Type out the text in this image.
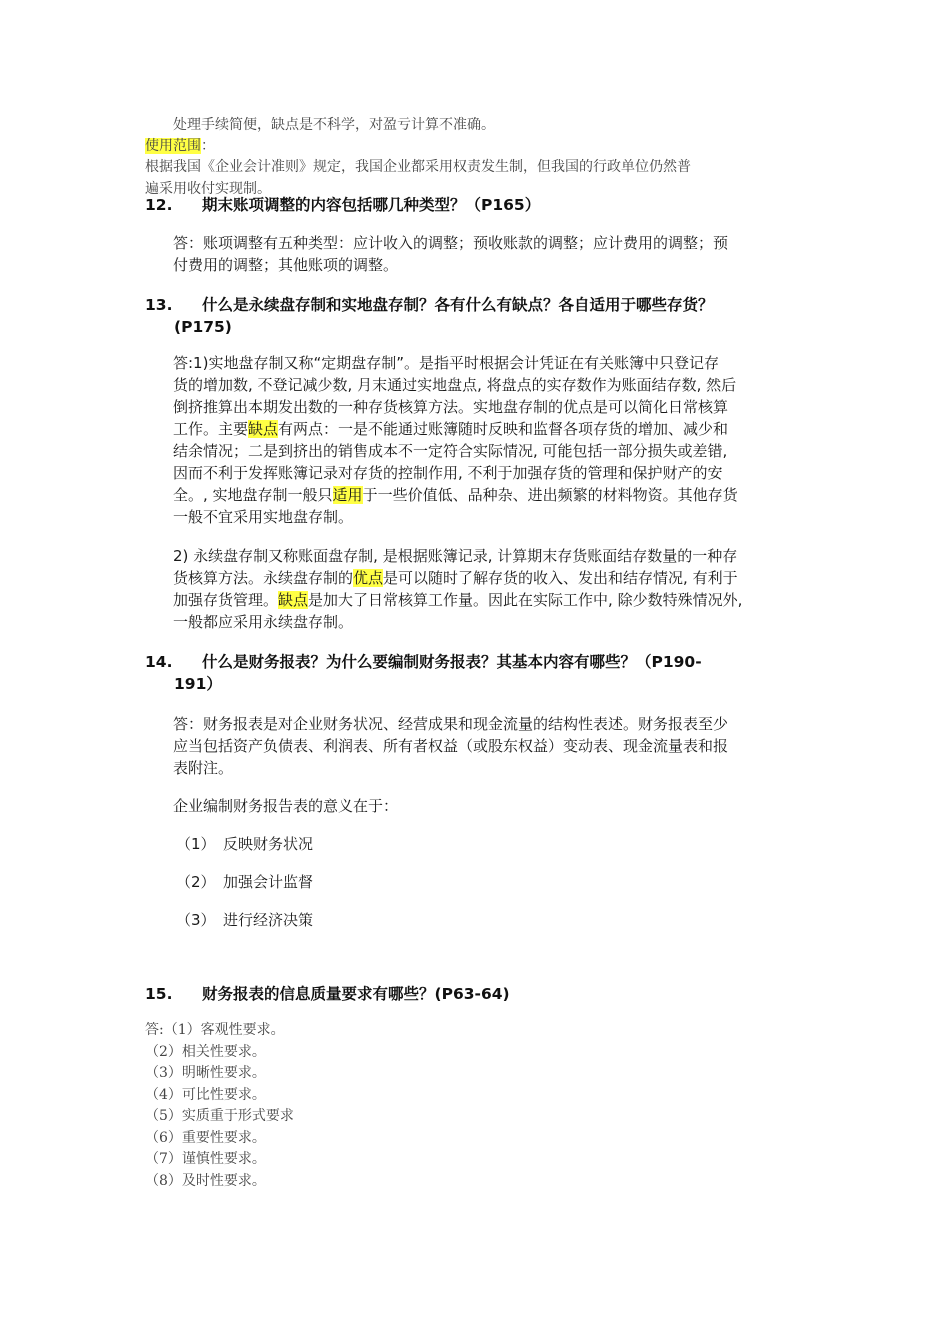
处理手续简便，缺点是不科学，对盈亏计算不准确。
使用范围：
根据我国《企业会计准则》规定，我国企业都采用权责发生制，但我国的行政单位仍然普
遍采用收付实现制。
12. 期末账项调整的内容包括哪几种类型？（P165）

答：账项调整有五种类型：应计收入的调整；预收账款的调整；应计费用的调整；预

付费用的调整；其他账项的调整。

13. 什么是永续盘存制和实地盘存制？各有什么有缺点？各自适用于哪些存货？
(P175)

答:1)实地盘存制又称“定期盘存制”。是指平时根据会计凭证在有关账簿中只登记存

货的增加数, 不登记减少数, 月末通过实地盘点, 将盘点的实存数作为账面结存数, 然后

倒挤推算出本期发出数的一种存货核算方法。实地盘存制的优点是可以简化日常核算

工作。主要缺点有两点：一是不能通过账簿随时反映和监督各项存货的增加、减少和

结余情况；二是到挤出的销售成本不一定符合实际情况, 可能包括一部分损失或差错,

因而不利于发挥账簿记录对存货的控制作用, 不利于加强存货的管理和保护财产的安

全。, 实地盘存制一般只适用于一些价值低、品种杂、进出频繁的材料物资。其他存货

一般不宜采用实地盘存制。

2) 永续盘存制又称账面盘存制, 是根据账簿记录, 计算期末存货账面结存数量的一种存

货核算方法。永续盘存制的优点是可以随时了解存货的收入、发出和结存情况, 有利于

加强存货管理。缺点是加大了日常核算工作量。因此在实际工作中, 除少数特殊情况外,

一般都应采用永续盘存制。

14. 什么是财务报表？为什么要编制财务报表？其基本内容有哪些？（P190-
191）

答：财务报表是对企业财务状况、经营成果和现金流量的结构性表述。财务报表至少

应当包括资产负债表、利润表、所有者权益（或股东权益）变动表、现金流量表和报

表附注。

企业编制财务报告表的意义在于：

（1） 反映财务状况
（2） 加强会计监督
（3） 进行经济决策
15. 财务报表的信息质量要求有哪些？(P63-64)
答:（1）客观性要求。
（2）相关性要求。
（3）明晰性要求。
（4）可比性要求。
（5）实质重于形式要求
（6）重要性要求。
（7）谨慎性要求。
（8）及时性要求。
